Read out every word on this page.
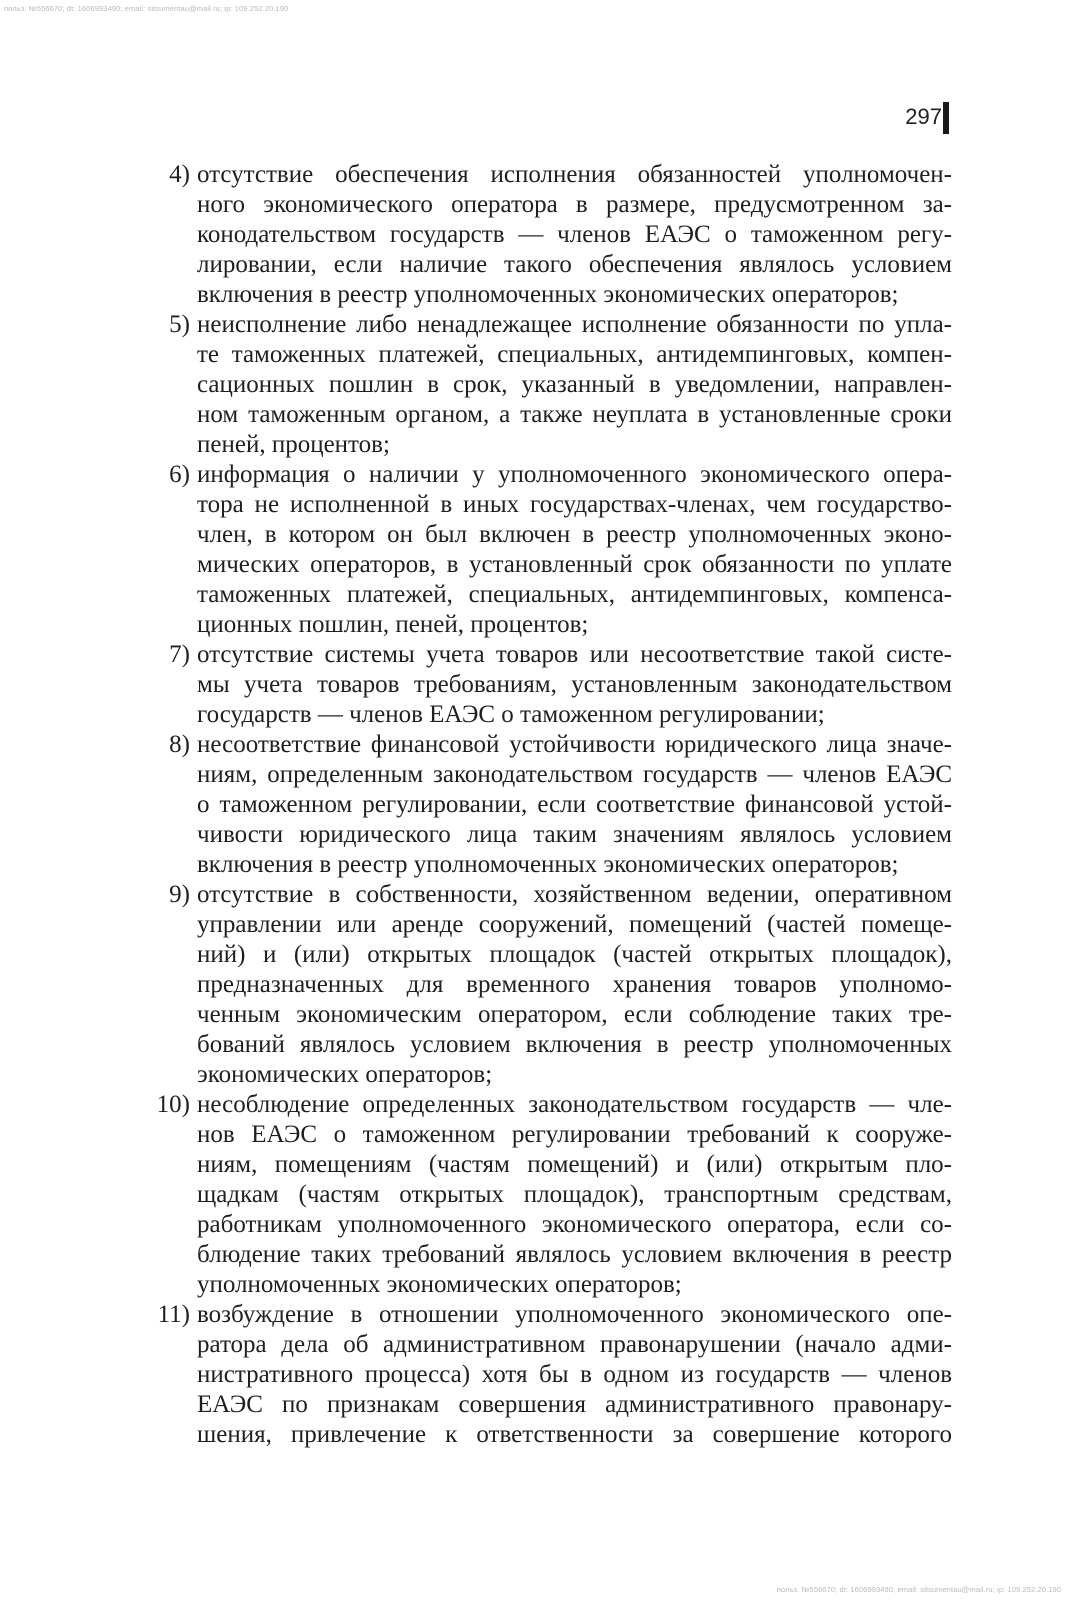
польз. №556670; dt: 1606993490; email: sitsumentau@mail.ru; ip: 109.252.20.190
297
4) отсутствие обеспечения исполнения обязанностей уполномочен-
ного экономического оператора в размере, предусмотренном за-
конодательством государств — членов ЕАЭС о таможенном регу-
лировании, если наличие такого обеспечения являлось условием
включения в реестр уполномоченных экономических операторов;
5) неисполнение либо ненадлежащее исполнение обязанности по упла-
те таможенных платежей, специальных, антидемпинговых, компен-
сационных пошлин в срок, указанный в уведомлении, направлен-
ном таможенным органом, а также неуплата в установленные сроки
пеней, процентов;
6) информация о наличии у уполномоченного экономического опера-
тора не исполненной в иных государствах-членах, чем государство-
член, в котором он был включен в реестр уполномоченных эконо-
мических операторов, в установленный срок обязанности по уплате
таможенных платежей, специальных, антидемпинговых, компенса-
ционных пошлин, пеней, процентов;
7) отсутствие системы учета товаров или несоответствие такой систе-
мы учета товаров требованиям, установленным законодательством
государств — членов ЕАЭС о таможенном регулировании;
8) несоответствие финансовой устойчивости юридического лица значе-
ниям, определенным законодательством государств — членов ЕАЭС
о таможенном регулировании, если соответствие финансовой устой-
чивости юридического лица таким значениям являлось условием
включения в реестр уполномоченных экономических операторов;
9) отсутствие в собственности, хозяйственном ведении, оперативном
управлении или аренде сооружений, помещений (частей помеще-
ний) и (или) открытых площадок (частей открытых площадок),
предназначенных для временного хранения товаров уполномо-
ченным экономическим оператором, если соблюдение таких тре-
бований являлось условием включения в реестр уполномоченных
экономических операторов;
10) несоблюдение определенных законодательством государств — чле-
нов ЕАЭС о таможенном регулировании требований к сооруже-
ниям, помещениям (частям помещений) и (или) открытым пло-
щадкам (частям открытых площадок), транспортным средствам,
работникам уполномоченного экономического оператора, если со-
блюдение таких требований являлось условием включения в реестр
уполномоченных экономических операторов;
11) возбуждение в отношении уполномоченного экономического опе-
ратора дела об административном правонарушении (начало адми-
нистративного процесса) хотя бы в одном из государств — членов
ЕАЭС по признакам совершения административного правонару-
шения, привлечение к ответственности за совершение которого
польз. №556670; dt: 1606993490; email: sitsumentau@mail.ru; ip: 109.252.20.190
